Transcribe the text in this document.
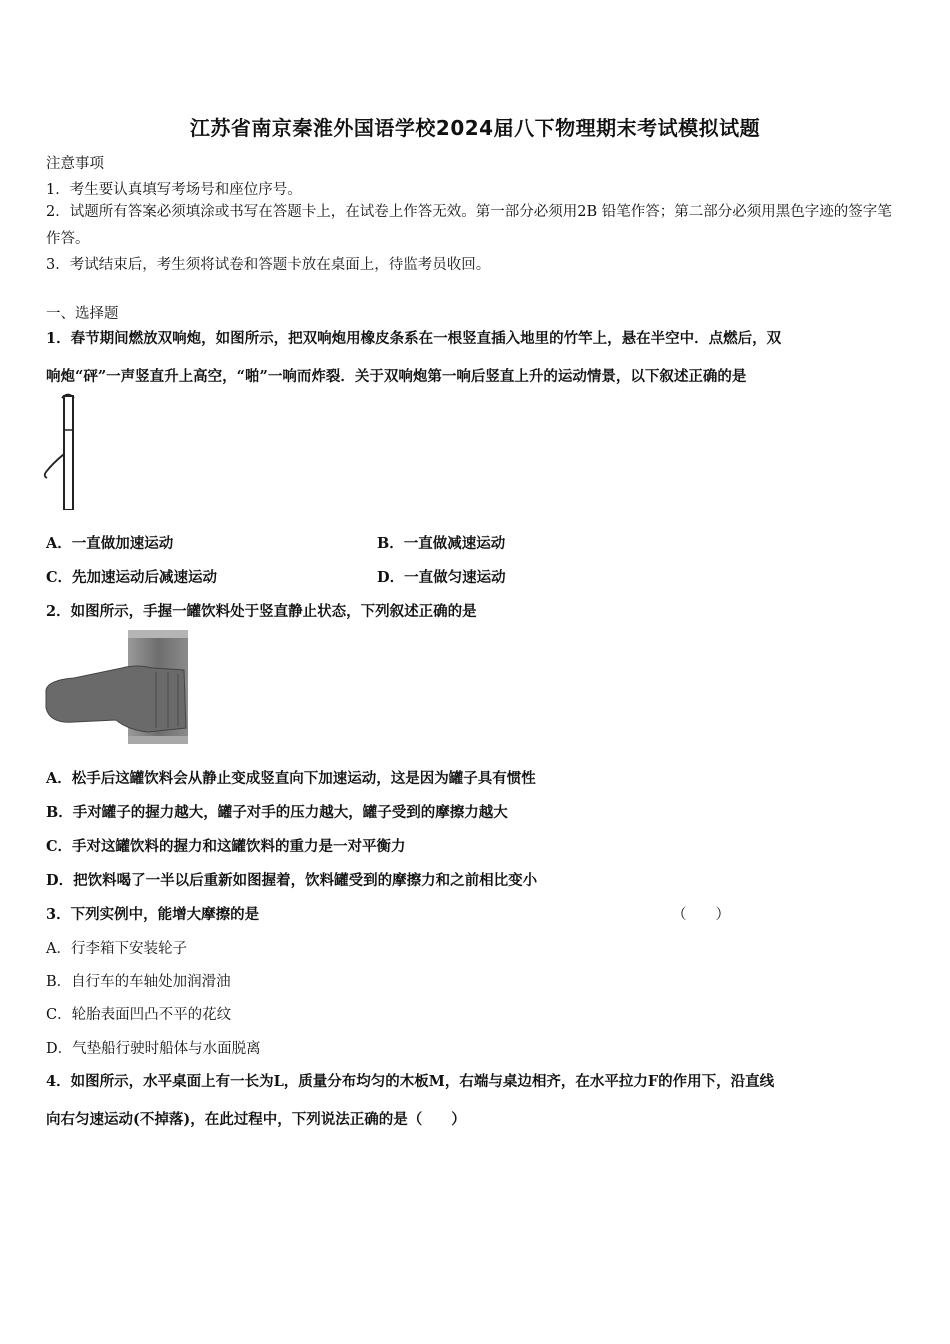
江苏省南京秦淮外国语学校2024届八下物理期末考试模拟试题
注意事项
1．考生要认真填写考场号和座位序号。
2．试题所有答案必须填涂或书写在答题卡上，在试卷上作答无效。第一部分必须用2B 铅笔作答；第二部分必须用黑色字迹的签字笔作答。
3．考试结束后，考生须将试卷和答题卡放在桌面上，待监考员收回。
一、选择题
1．春节期间燃放双响炮，如图所示，把双响炮用橡皮条系在一根竖直插入地里的竹竿上，悬在半空中．点燃后，双
响炮“砰”一声竖直升上高空，“啪”一响而炸裂．关于双响炮第一响后竖直上升的运动情景，以下叙述正确的是
A．一直做加速运动	B．一直做减速运动
C．先加速运动后减速运动	D．一直做匀速运动
2．如图所示，手握一罐饮料处于竖直静止状态，下列叙述正确的是
A．松手后这罐饮料会从静止变成竖直向下加速运动，这是因为罐子具有惯性
B．手对罐子的握力越大，罐子对手的压力越大，罐子受到的摩擦力越大
C．手对这罐饮料的握力和这罐饮料的重力是一对平衡力
D．把饮料喝了一半以后重新如图握着，饮料罐受到的摩擦力和之前相比变小
3．下列实例中，能增大摩擦的是	（　　）
A．行李箱下安装轮子
B．自行车的车轴处加润滑油
C．轮胎表面凹凸不平的花纹
D．气垫船行驶时船体与水面脱离
4．如图所示，水平桌面上有一长为L，质量分布均匀的木板M，右端与桌边相齐，在水平拉力F的作用下，沿直线
向右匀速运动(不掉落)，在此过程中，下列说法正确的是（　　）
